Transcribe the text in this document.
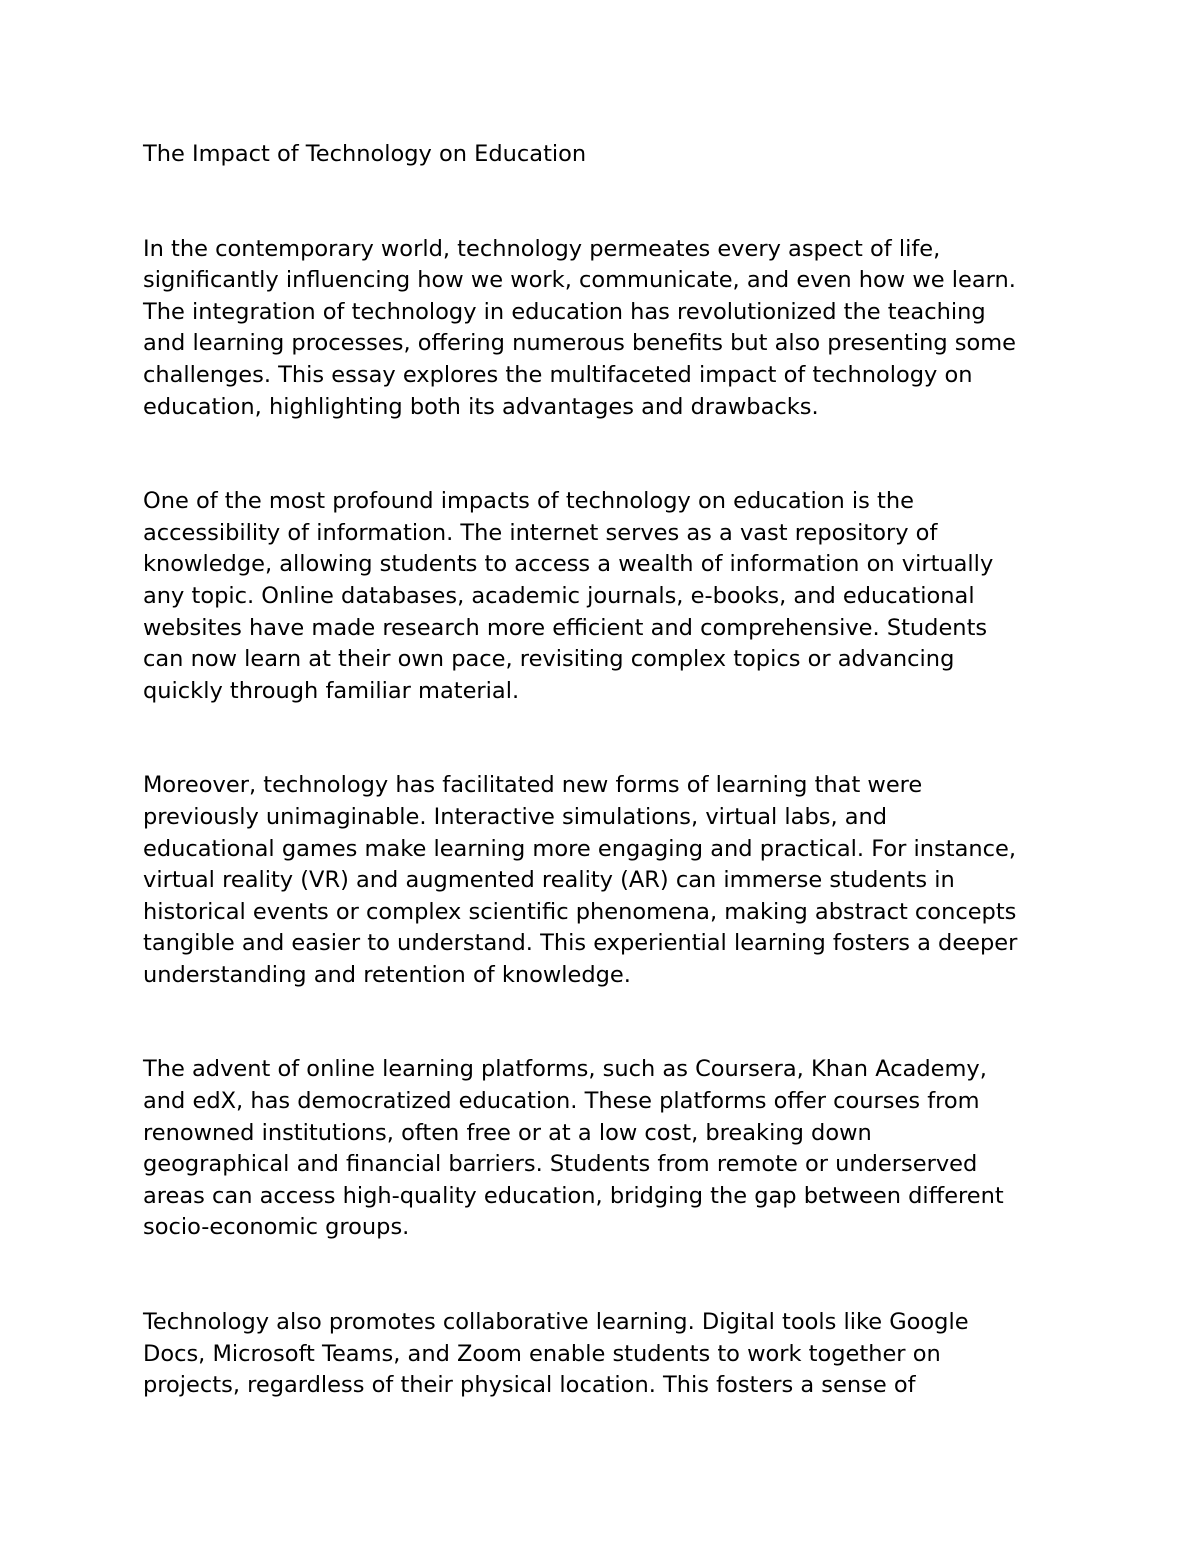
The Impact of Technology on Education
In the contemporary world, technology permeates every aspect of life,
significantly influencing how we work, communicate, and even how we learn.
The integration of technology in education has revolutionized the teaching
and learning processes, offering numerous benefits but also presenting some
challenges. This essay explores the multifaceted impact of technology on
education, highlighting both its advantages and drawbacks.
One of the most profound impacts of technology on education is the
accessibility of information. The internet serves as a vast repository of
knowledge, allowing students to access a wealth of information on virtually
any topic. Online databases, academic journals, e-books, and educational
websites have made research more efficient and comprehensive. Students
can now learn at their own pace, revisiting complex topics or advancing
quickly through familiar material.
Moreover, technology has facilitated new forms of learning that were
previously unimaginable. Interactive simulations, virtual labs, and
educational games make learning more engaging and practical. For instance,
virtual reality (VR) and augmented reality (AR) can immerse students in
historical events or complex scientific phenomena, making abstract concepts
tangible and easier to understand. This experiential learning fosters a deeper
understanding and retention of knowledge.
The advent of online learning platforms, such as Coursera, Khan Academy,
and edX, has democratized education. These platforms offer courses from
renowned institutions, often free or at a low cost, breaking down
geographical and financial barriers. Students from remote or underserved
areas can access high-quality education, bridging the gap between different
socio-economic groups.
Technology also promotes collaborative learning. Digital tools like Google
Docs, Microsoft Teams, and Zoom enable students to work together on
projects, regardless of their physical location. This fosters a sense of
